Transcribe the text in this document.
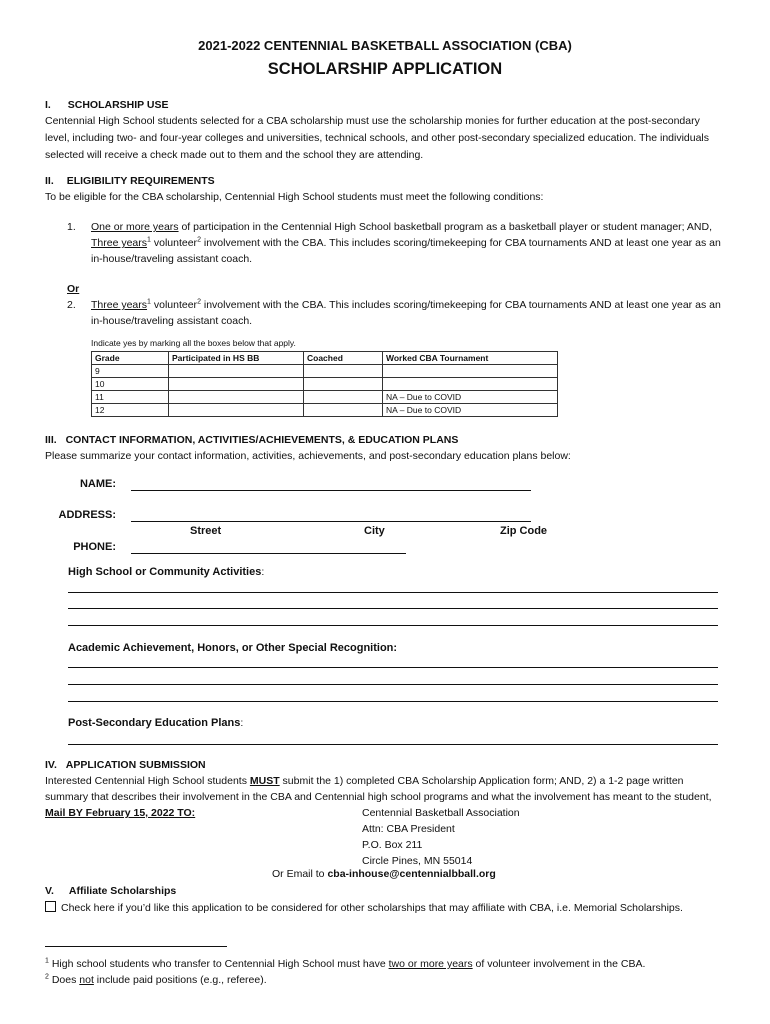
2021-2022 CENTENNIAL BASKETBALL ASSOCIATION (CBA)
SCHOLARSHIP APPLICATION
I. SCHOLARSHIP USE
Centennial High School students selected for a CBA scholarship must use the scholarship monies for further education at the post-secondary level, including two- and four-year colleges and universities, technical schools, and other post-secondary specialized education. The individuals selected will receive a check made out to them and the school they are attending.
II. ELIGIBILITY REQUIREMENTS
To be eligible for the CBA scholarship, Centennial High School students must meet the following conditions:
1. One or more years of participation in the Centennial High School basketball program as a basketball player or student manager; AND,
Three years$^1$ volunteer$^2$ involvement with the CBA. This includes scoring/timekeeping for CBA tournaments AND at least one year as an in-house/traveling assistant coach.
Or
2. Three years$^1$ volunteer$^2$ involvement with the CBA. This includes scoring/timekeeping for CBA tournaments AND at least one year as an in-house/traveling assistant coach.
Indicate yes by marking all the boxes below that apply.
Grade	Participated in HS BB	Coached	Worked CBA Tournament
9			
10			
11			NA – Due to COVID
12			NA – Due to COVID
III. CONTACT INFORMATION, ACTIVITIES/ACHIEVEMENTS, & EDUCATION PLANS
Please summarize your contact information, activities, achievements, and post-secondary education plans below:
NAME:
ADDRESS:
Street	City	Zip Code
PHONE:
High School or Community Activities:
Academic Achievement, Honors, or Other Special Recognition:
Post-Secondary Education Plans:
IV. APPLICATION SUBMISSION
Interested Centennial High School students MUST submit the 1) completed CBA Scholarship Application form; AND, 2) a 1-2 page written summary that describes their involvement in the CBA and Centennial high school programs and what the involvement has meant to the student, Mail BY February 15, 2022 TO:	Centennial Basketball Association
Attn: CBA President
P.O. Box 211
Circle Pines, MN 55014
Or Email to cba-inhouse@centennialbball.org
V. Affiliate Scholarships
Check here if you’d like this application to be considered for other scholarships that may affiliate with CBA, i.e. Memorial Scholarships.
$^1$ High school students who transfer to Centennial High School must have two or more years of volunteer involvement in the CBA.
$^2$ Does not include paid positions (e.g., referee).
